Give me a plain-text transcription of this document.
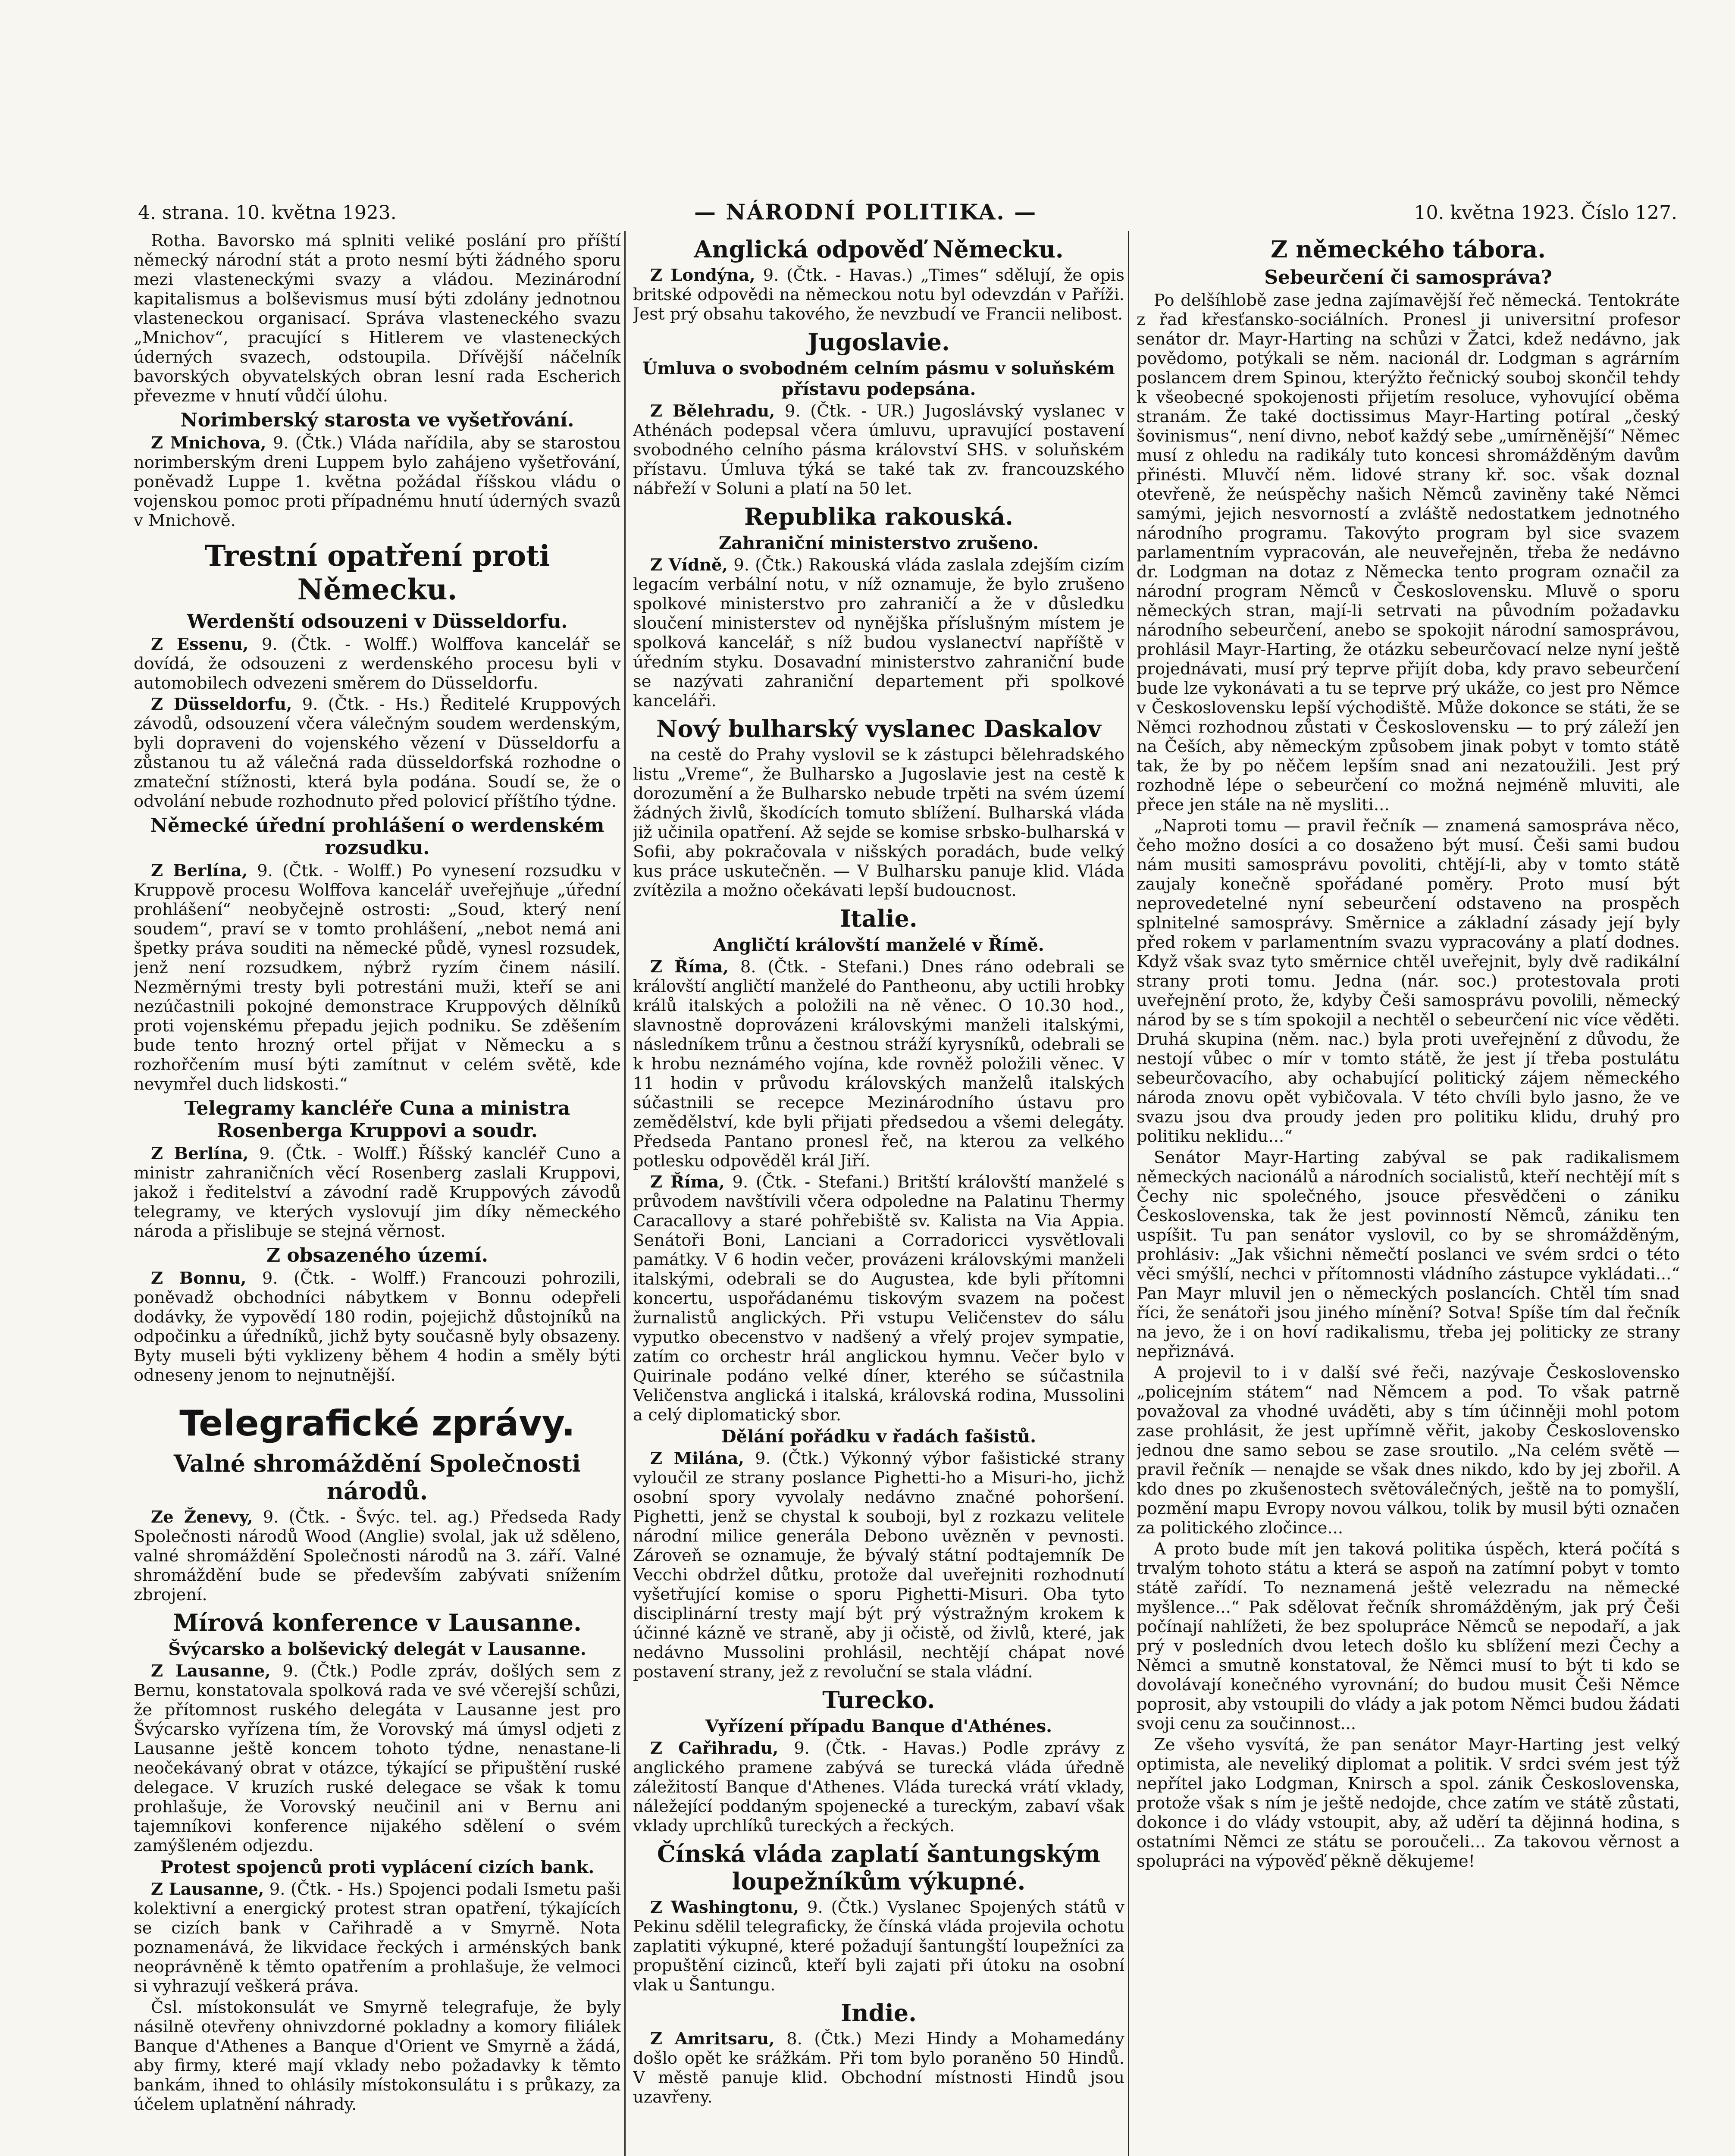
4. strana. 10. května 1923.	— NÁRODNÍ POLITIKA. —	10. května 1923. Číslo 127.

Rotha. Bavorsko má splniti veliké poslání pro příští německý národní stát a proto nesmí býti žádného sporu mezi vlasteneckými svazy a vládou. Mezinárodní kapitalismus a bolševismus musí býti zdolány jednotnou vlasteneckou organisací. Správa vlasteneckého svazu „Mnichov“, pracující s Hitlerem ve vlasteneckých úderných svazech, odstoupila. Dřívější náčelník bavorských obyvatelských obran lesní rada Escherich převezme v hnutí vůdčí úlohu.

Norimberský starosta ve vyšetřování.

Z Mnichova, 9. (Čtk.) Vláda nařídila, aby se starostou norimberským dreni Luppem bylo zahájeno vyšetřování, poněvadž Luppe 1. května požádal říšskou vládu o vojenskou pomoc proti případnému hnutí úderných svazů v Mnichově.

Trestní opatření proti Německu.
Werdenští odsouzeni v Düsseldorfu.

Z Essenu, 9. (Čtk. - Wolff.) Wolffova kancelář se dovídá, že odsouzeni z werdenského procesu byli v automobilech odvezeni směrem do Düsseldorfu.

Z Düsseldorfu, 9. (Čtk. - Hs.) Ředitelé Kruppových závodů, odsouzení včera válečným soudem werdenským, byli dopraveni do vojenského vězení v Düsseldorfu a zůstanou tu až válečná rada düsseldorfská rozhodne o zmateční stížnosti, která byla podána. Soudí se, že o odvolání nebude rozhodnuto před polovicí příštího týdne.

Německé úřední prohlášení o werdenském rozsudku.

Z Berlína, 9. (Čtk. - Wolff.) Po vynesení rozsudku v Kruppově procesu Wolffova kancelář uveřejňuje „úřední prohlášení“ neobyčejně ostrosti: „Soud, který není soudem“, praví se v tomto prohlášení, „nebot nemá ani špetky práva souditi na německé půdě, vynesl rozsudek, jenž není rozsudkem, nýbrž ryzím činem násilí. Nezměrnými tresty byli potrestáni muži, kteří se ani nezúčastnili pokojné demonstrace Kruppových dělníků proti vojenskému přepadu jejich podniku. Se zděšením bude tento hrozný ortel přijat v Německu a s rozhořčením musí býti zamítnut v celém světě, kde nevymřel duch lidskosti.“

Telegramy kancléře Cuna a ministra Rosenberga Kruppovi a soudr.

Z Berlína, 9. (Čtk. - Wolff.) Říšský kancléř Cuno a ministr zahraničních věcí Rosenberg zaslali Kruppovi, jakož i ředitelství a závodní radě Kruppových závodů telegramy, ve kterých vyslovují jim díky německého národa a přislibuje se stejná věrnost.

Z obsazeného území.

Z Bonnu, 9. (Čtk. - Wolff.) Francouzi pohrozili, poněvadž obchodníci nábytkem v Bonnu odepřeli dodávky, že vypovědí 180 rodin, pojejichž důstojníků na odpočinku a úředníků, jichž byty současně byly obsazeny. Byty museli býti vyklizeny během 4 hodin a směly býti odneseny jenom to nejnutnější.

Telegrafické zprávy.
Valné shromáždění Společnosti národů.

Ze Ženevy, 9. (Čtk. - Švýc. tel. ag.) Předseda Rady Společnosti národů Wood (Anglie) svolal, jak už sděleno, valné shromáždění Společnosti národů na 3. září. Valné shromáždění bude se především zabývati snížením zbrojení.

Mírová konference v Lausanne.
Švýcarsko a bolševický delegát v Lausanne.

Z Lausanne, 9. (Čtk.) Podle zpráv, došlých sem z Bernu, konstatovala spolková rada ve své včerejší schůzi, že přítomnost ruského delegáta v Lausanne jest pro Švýcarsko vyřízena tím, že Vorovský má úmysl odjeti z Lausanne ještě koncem tohoto týdne, nenastane-li neočekávaný obrat v otázce, týkající se připuštění ruské delegace. V kruzích ruské delegace se však k tomu prohlašuje, že Vorovský neučinil ani v Bernu ani tajemníkovi konference nijakého sdělení o svém zamýšleném odjezdu.

Protest spojenců proti vyplácení cizích bank.

Z Lausanne, 9. (Čtk. - Hs.) Spojenci podali Ismetu paši kolektivní a energický protest stran opatření, týkajících se cizích bank v Cařihradě a v Smyrně. Nota poznamenává, že likvidace řeckých i arménských bank neoprávněně k těmto opatřením a prohlašuje, že velmoci si vyhrazují veškerá práva.

Čsl. místokonsulát ve Smyrně telegrafuje, že byly násilně otevřeny ohnivzdorné pokladny a komory filiálek Banque d'Athenes a Banque d'Orient ve Smyrně a žádá, aby firmy, které mají vklady nebo požadavky k těmto bankám, ihned to ohlásily místokonsulátu i s průkazy, za účelem uplatnění náhrady.

Anglická odpověď Německu.

Z Londýna, 9. (Čtk. - Havas.) „Times“ sdělují, že opis britské odpovědi na německou notu byl odevzdán v Paříži. Jest prý obsahu takového, že nevzbudí ve Francii nelibost.

Jugoslavie.
Úmluva o svobodném celním pásmu v soluňském přístavu podepsána.

Z Bělehradu, 9. (Čtk. - UR.) Jugoslávský vyslanec v Athénách podepsal včera úmluvu, upravující postavení svobodného celního pásma království SHS. v soluňském přístavu. Úmluva týká se také tak zv. francouzského nábřeží v Soluni a platí na 50 let.

Republika rakouská.
Zahraniční ministerstvo zrušeno.

Z Vídně, 9. (Čtk.) Rakouská vláda zaslala zdejším cizím legacím verbální notu, v níž oznamuje, že bylo zrušeno spolkové ministerstvo pro zahraničí a že v důsledku sloučení ministerstev od nynějška příslušným místem je spolková kancelář, s níž budou vyslanectví napříště v úředním styku. Dosavadní ministerstvo zahraniční bude se nazývati zahraniční departement při spolkové kanceláři.

Nový bulharský vyslanec Daskalov

na cestě do Prahy vyslovil se k zástupci bělehradského listu „Vreme“, že Bulharsko a Jugoslavie jest na cestě k dorozumění a že Bulharsko nebude trpěti na svém území žádných živlů, škodících tomuto sblížení. Bulharská vláda již učinila opatření. Až sejde se komise srbsko-bulharská v Sofii, aby pokračovala v nišských poradách, bude velký kus práce uskutečněn. — V Bulharsku panuje klid. Vláda zvítězila a možno očekávati lepší budoucnost.

Italie.
Angličtí královští manželé v Římě.

Z Říma, 8. (Čtk. - Stefani.) Dnes ráno odebrali se královští angličtí manželé do Pantheonu, aby uctili hrobky králů italských a položili na ně věnec. O 10.30 hod., slavnostně doprovázeni královskými manželi italskými, následníkem trůnu a čestnou stráží kyrysníků, odebrali se k hrobu neznámého vojína, kde rovněž položili věnec. V 11 hodin v průvodu královských manželů italských súčastnili se recepce Mezinárodního ústavu pro zemědělství, kde byli přijati předsedou a všemi delegáty. Předseda Pantano pronesl řeč, na kterou za velkého potlesku odpověděl král Jiří.

Z Říma, 9. (Čtk. - Stefani.) Britští královští manželé s průvodem navštívili včera odpoledne na Palatinu Thermy Caracallovy a staré pohřebiště sv. Kalista na Via Appia. Senátoři Boni, Lanciani a Corradoricci vysvětlovali památky. V 6 hodin večer, provázeni královskými manželi italskými, odebrali se do Augustea, kde byli přítomni koncertu, uspořádanému tiskovým svazem na počest žurnalistů anglických. Při vstupu Veličenstev do sálu vyputko obecenstvo v nadšený a vřelý projev sympatie, zatím co orchestr hrál anglickou hymnu. Večer bylo v Quirinale podáno velké díner, kterého se súčastnila Veličenstva anglická i italská, královská rodina, Mussolini a celý diplomatický sbor.

Dělání pořádku v řadách fašistů.

Z Milána, 9. (Čtk.) Výkonný výbor fašistické strany vyloučil ze strany poslance Pighetti-ho a Misuri-ho, jichž osobní spory vyvolaly nedávno značné pohoršení. Pighetti, jenž se chystal k souboji, byl z rozkazu velitele národní milice generála Debono uvězněn v pevnosti. Zároveň se oznamuje, že bývalý státní podtajemník De Vecchi obdržel důtku, protože dal uveřejniti rozhodnutí vyšetřující komise o sporu Pighetti-Misuri. Oba tyto disciplinární tresty mají být prý výstražným krokem k účinné kázně ve straně, aby ji očistě, od živlů, které, jak nedávno Mussolini prohlásil, nechtějí chápat nové postavení strany, jež z revoluční se stala vládní.

Turecko.
Vyřízení případu Banque d'Athénes.

Z Cařihradu, 9. (Čtk. - Havas.) Podle zprávy z anglického pramene zabývá se turecká vláda úředně záležitostí Banque d'Athenes. Vláda turecká vrátí vklady, náležející poddaným spojenecké a tureckým, zabaví však vklady uprchlíků tureckých a řeckých.

Čínská vláda zaplatí šantungským loupežníkům výkupné.

Z Washingtonu, 9. (Čtk.) Vyslanec Spojených států v Pekinu sdělil telegraficky, že čínská vláda projevila ochotu zaplatiti výkupné, které požadují šantungští loupežníci za propuštění cizinců, kteří byli zajati při útoku na osobní vlak u Šantungu.

Indie.

Z Amritsaru, 8. (Čtk.) Mezi Hindy a Mohamedány došlo opět ke srážkám. Při tom bylo poraněno 50 Hindů. V městě panuje klid. Obchodní místnosti Hindů jsou uzavřeny.

Z německého tábora.
Sebeurčení či samospráva?

Po delšíhlobě zase jedna zajímavější řeč německá. Tentokráte z řad křesťansko-sociálních. Pronesl ji universitní profesor senátor dr. Mayr-Harting na schůzi v Žatci, kdež nedávno, jak povědomo, potýkali se něm. nacionál dr. Lodgman s agrárním poslancem drem Spinou, kterýžto řečnický souboj skončil tehdy k všeobecné spokojenosti přijetím resoluce, vyhovující oběma stranám. Že také doctissimus Mayr-Harting potíral „český šovinismus“, není divno, neboť každý sebe „umírněnější“ Němec musí z ohledu na radikály tuto koncesi shromážděným davům přinésti. Mluvčí něm. lidové strany kř. soc. však doznal otevřeně, že neúspěchy našich Němců zaviněny také Němci samými, jejich nesvorností a zvláště nedostatkem jednotného národního programu. Takovýto program byl sice svazem parlamentním vypracován, ale neuveřejněn, třeba že nedávno dr. Lodgman na dotaz z Německa tento program označil za národní program Němců v Československu. Mluvě o sporu německých stran, mají-li setrvati na původním požadavku národního sebeurčení, anebo se spokojit národní samosprávou, prohlásil Mayr-Harting, že otázku sebeurčovací nelze nyní ještě projednávati, musí prý teprve přijít doba, kdy pravo sebeurčení bude lze vykonávati a tu se teprve prý ukáže, co jest pro Němce v Československu lepší východiště. Může dokonce se státi, že se Němci rozhodnou zůstati v Československu — to prý záleží jen na Češích, aby německým způsobem jinak pobyt v tomto státě tak, že by po něčem lepším snad ani nezatoužili. Jest prý rozhodně lépe o sebeurčení co možná nejméně mluviti, ale přece jen stále na ně mysliti...

„Naproti tomu — pravil řečník — znamená samospráva něco, čeho možno dosíci a co dosaženo být musí. Češi sami budou nám musiti samosprávu povoliti, chtějí-li, aby v tomto státě zaujaly konečně spořádané poměry. Proto musí být neprovedetelné nyní sebeurčení odstaveno na prospěch splnitelné samosprávy. Směrnice a základní zásady její byly před rokem v parlamentním svazu vypracovány a platí dodnes. Když však svaz tyto směrnice chtěl uveřejnit, byly dvě radikální strany proti tomu. Jedna (nár. soc.) protestovala proti uveřejnění proto, že, kdyby Češi samosprávu povolili, německý národ by se s tím spokojil a nechtěl o sebeurčení nic více věděti. Druhá skupina (něm. nac.) byla proti uveřejnění z důvodu, že nestojí vůbec o mír v tomto státě, že jest jí třeba postulátu sebeurčovacího, aby ochabující politický zájem německého národa znovu opět vybičovala. V této chvíli bylo jasno, že ve svazu jsou dva proudy jeden pro politiku klidu, druhý pro politiku neklidu...“

Senátor Mayr-Harting zabýval se pak radikalismem německých nacionálů a národních socialistů, kteří nechtějí mít s Čechy nic společného, jsouce přesvědčeni o zániku Československa, tak že jest povinností Němců, zániku ten uspíšit. Tu pan senátor vyslovil, co by se shromážděným, prohlásiv: „Jak všichni němečtí poslanci ve svém srdci o této věci smýšlí, nechci v přítomnosti vládního zástupce vykládati...“ Pan Mayr mluvil jen o německých poslancích. Chtěl tím snad říci, že senátoři jsou jiného mínění? Sotva! Spíše tím dal řečník na jevo, že i on hoví radikalismu, třeba jej politicky ze strany nepřiznává.

A projevil to i v další své řeči, nazývaje Československo „policejním státem“ nad Němcem a pod. To však patrně považoval za vhodné uváděti, aby s tím účinněji mohl potom zase prohlásit, že jest upřímně věřit, jakoby Československo jednou dne samo sebou se zase sroutilo. „Na celém světě — pravil řečník — nenajde se však dnes nikdo, kdo by jej zbořil. A kdo dnes po zkušenostech světoválečných, ještě na to pomyšlí, pozmění mapu Evropy novou válkou, tolik by musil býti označen za politického zločince...

A proto bude mít jen taková politika úspěch, která počítá s trvalým tohoto státu a která se aspoň na zatímní pobyt v tomto státě zařídí. To neznamená ještě velezradu na německé myšlence...“ Pak sdělovat řečník shromážděným, jak prý Češi počínají nahlížeti, že bez spolupráce Němců se nepodaří, a jak prý v posledních dvou letech došlo ku sblížení mezi Čechy a Němci a smutně konstatoval, že Němci musí to být ti kdo se dovolávají konečného vyrovnání; do budou musit Češi Němce poprosit, aby vstoupili do vlády a jak potom Němci budou žádati svoji cenu za součinnost...

Ze všeho vysvítá, že pan senátor Mayr-Harting jest velký optimista, ale neveliký diplomat a politik. V srdci svém jest týž nepřítel jako Lodgman, Knirsch a spol. zánik Československa, protože však s ním je ještě nedojde, chce zatím ve státě zůstati, dokonce i do vlády vstoupit, aby, až uděrí ta dějinná hodina, s ostatními Němci ze státu se poroučeli... Za takovou věrnost a spolupráci na výpověď pěkně děkujeme!
